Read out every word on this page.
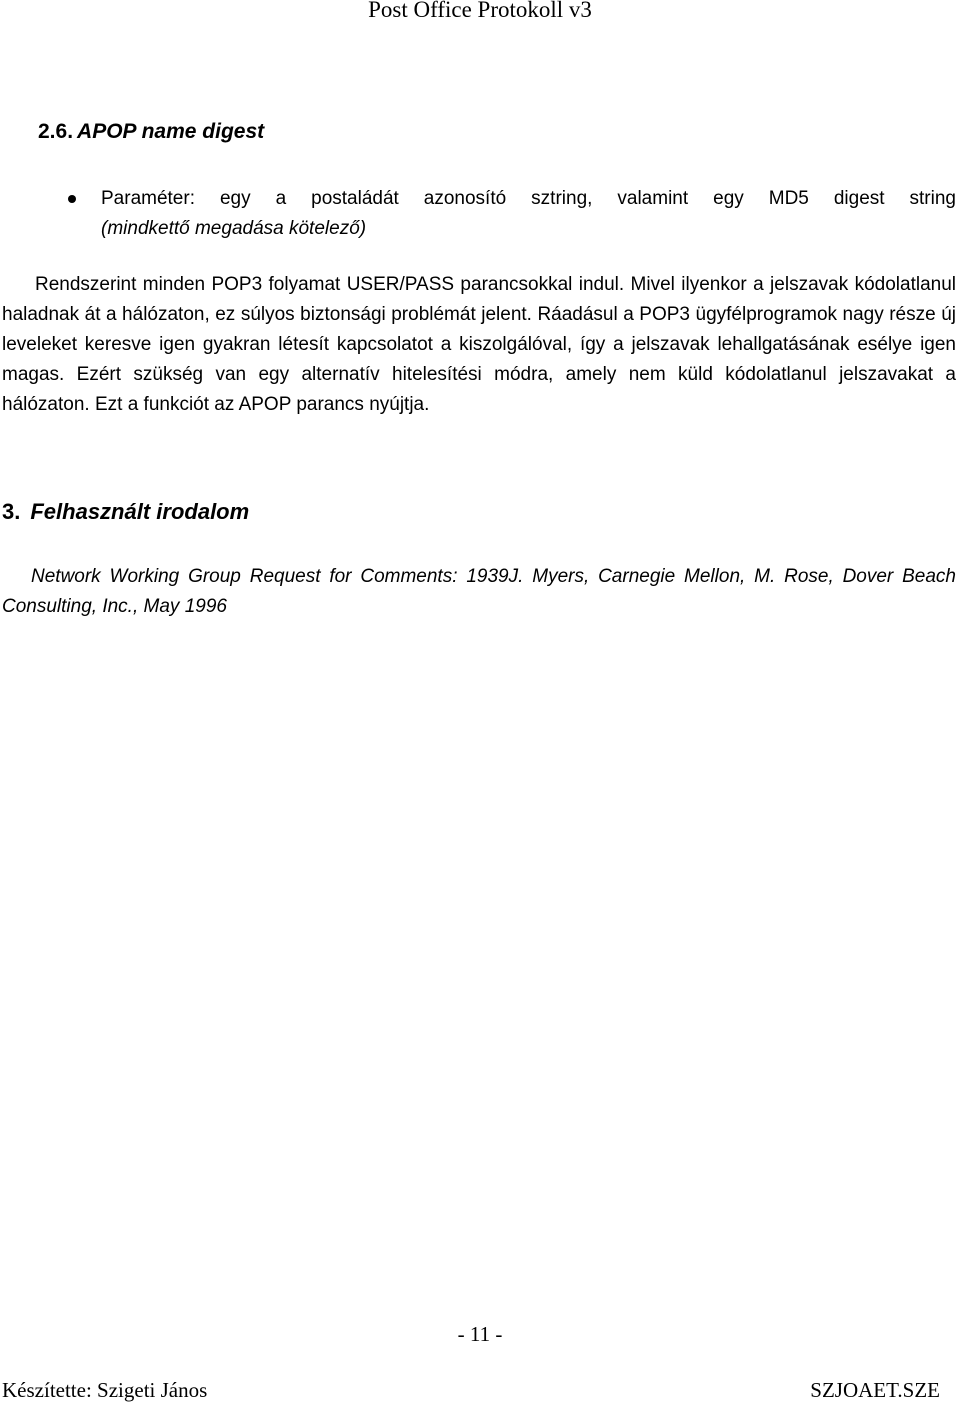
Post Office Protokoll v3
2.6. APOP name digest
Paraméter: egy a postaládát azonosító sztring, valamint egy MD5 digest string
(mindkettő megadása kötelező)
Rendszerint minden POP3 folyamat USER/PASS parancsokkal indul. Mivel ilyenkor a jelszavak kódolatlanul haladnak át a hálózaton, ez súlyos biztonsági problémát jelent. Ráadásul a POP3 ügyfélprogramok nagy része új leveleket keresve igen gyakran létesít kapcsolatot a kiszolgálóval, így a jelszavak lehallgatásának esélye igen magas. Ezért szükség van egy alternatív hitelesítési módra, amely nem küld kódolatlanul jelszavakat a hálózaton. Ezt a funkciót az APOP parancs nyújtja.
3. Felhasznált irodalom
Network Working Group Request for Comments: 1939J. Myers, Carnegie Mellon, M. Rose, Dover Beach Consulting, Inc., May 1996
- 11 -
Készítette: Szigeti János	SZJOAET.SZE
